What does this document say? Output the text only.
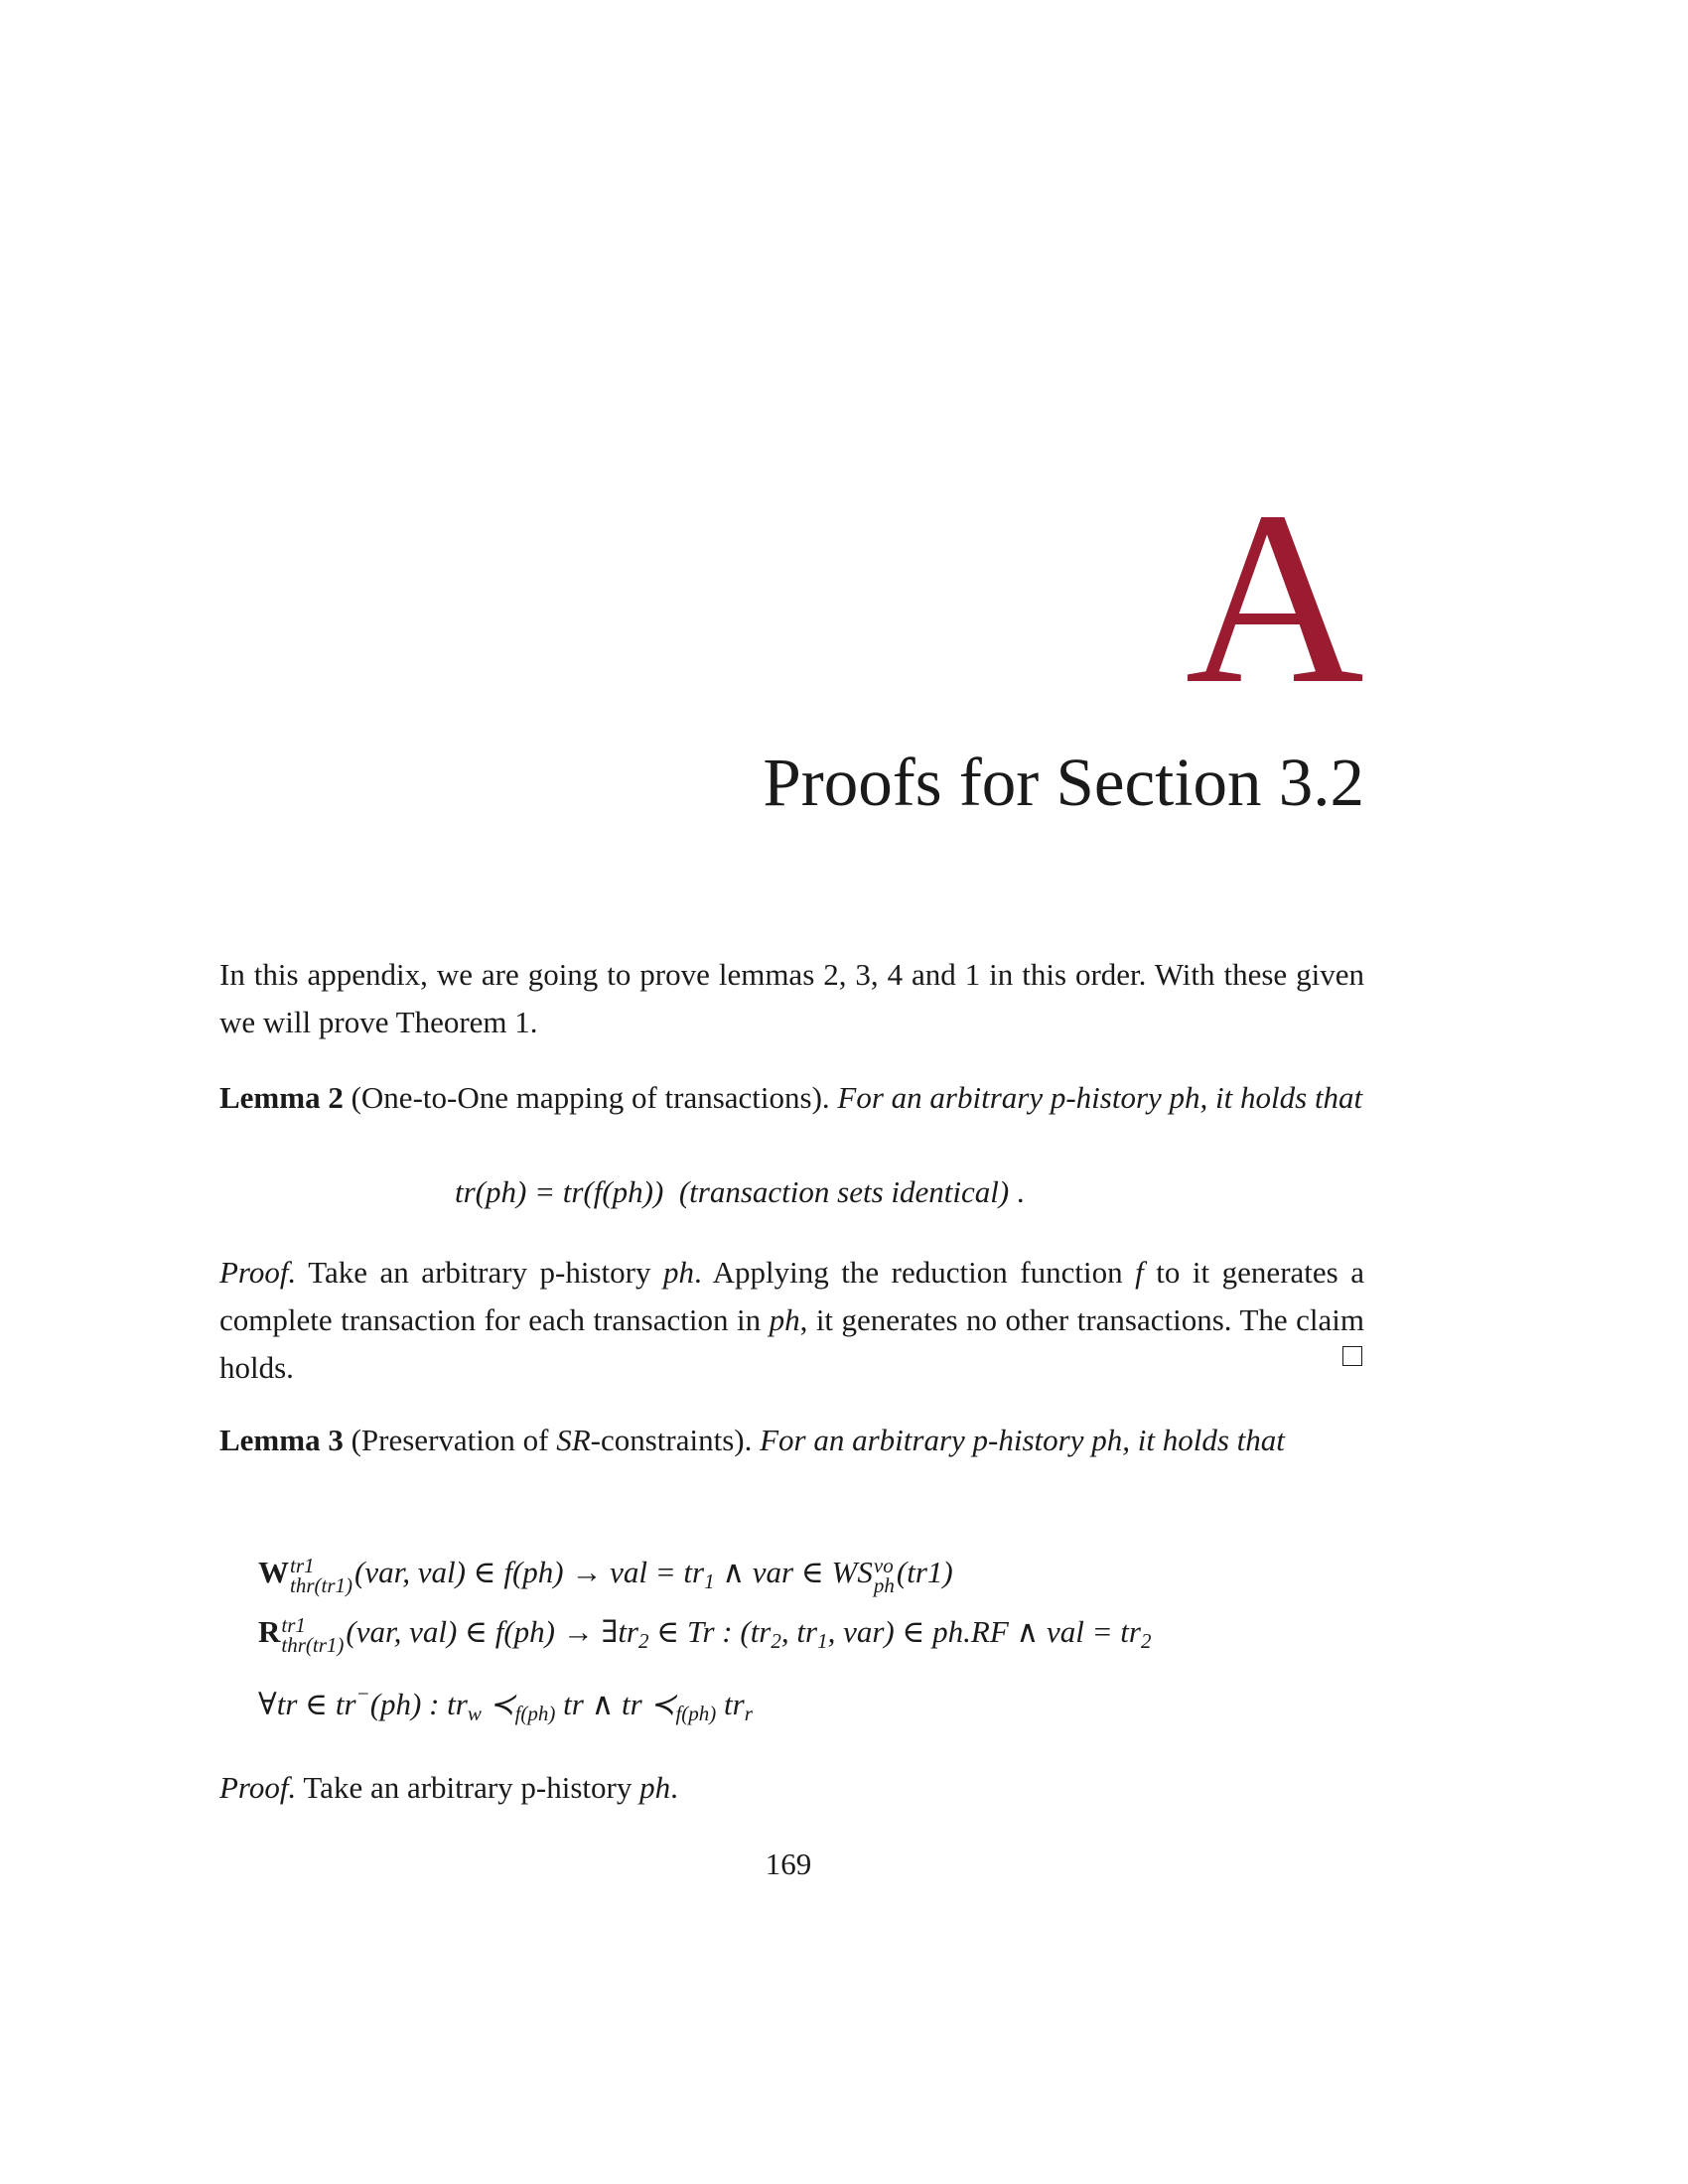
A
Proofs for Section 3.2

In this appendix, we are going to prove lemmas 2, 3, 4 and 1 in this order. With these given we will prove Theorem 1.

Lemma 2 (One-to-One mapping of transactions). For an arbitrary p-history ph, it holds that

tr(ph) = tr(f(ph)) (transaction sets identical) .

Proof. Take an arbitrary p-history ph. Applying the reduction function f to it generates a complete transaction for each transaction in ph, it generates no other transactions. The claim holds.

Lemma 3 (Preservation of SR-constraints). For an arbitrary p-history ph, it holds that

W tr1
thr(tr1) (var, val) ∈ f(ph) → val = $tr_1$ ∧ var ∈ WS vo
ph (tr1)
R tr1
thr(tr1) (var, val) ∈ $f(ph) \to \exists tr_2$ ∈ Tr : ($tr_2$, $tr_1$, var) ∈ ph.RF ∧ val = $tr_2$
∀tr ∈ tr−(ph) : $tr_w$ $≺_{f(ph)}$ tr ∧ tr $≺_{f(ph)}$ $tr_r$

Proof. Take an arbitrary p-history ph.

169
